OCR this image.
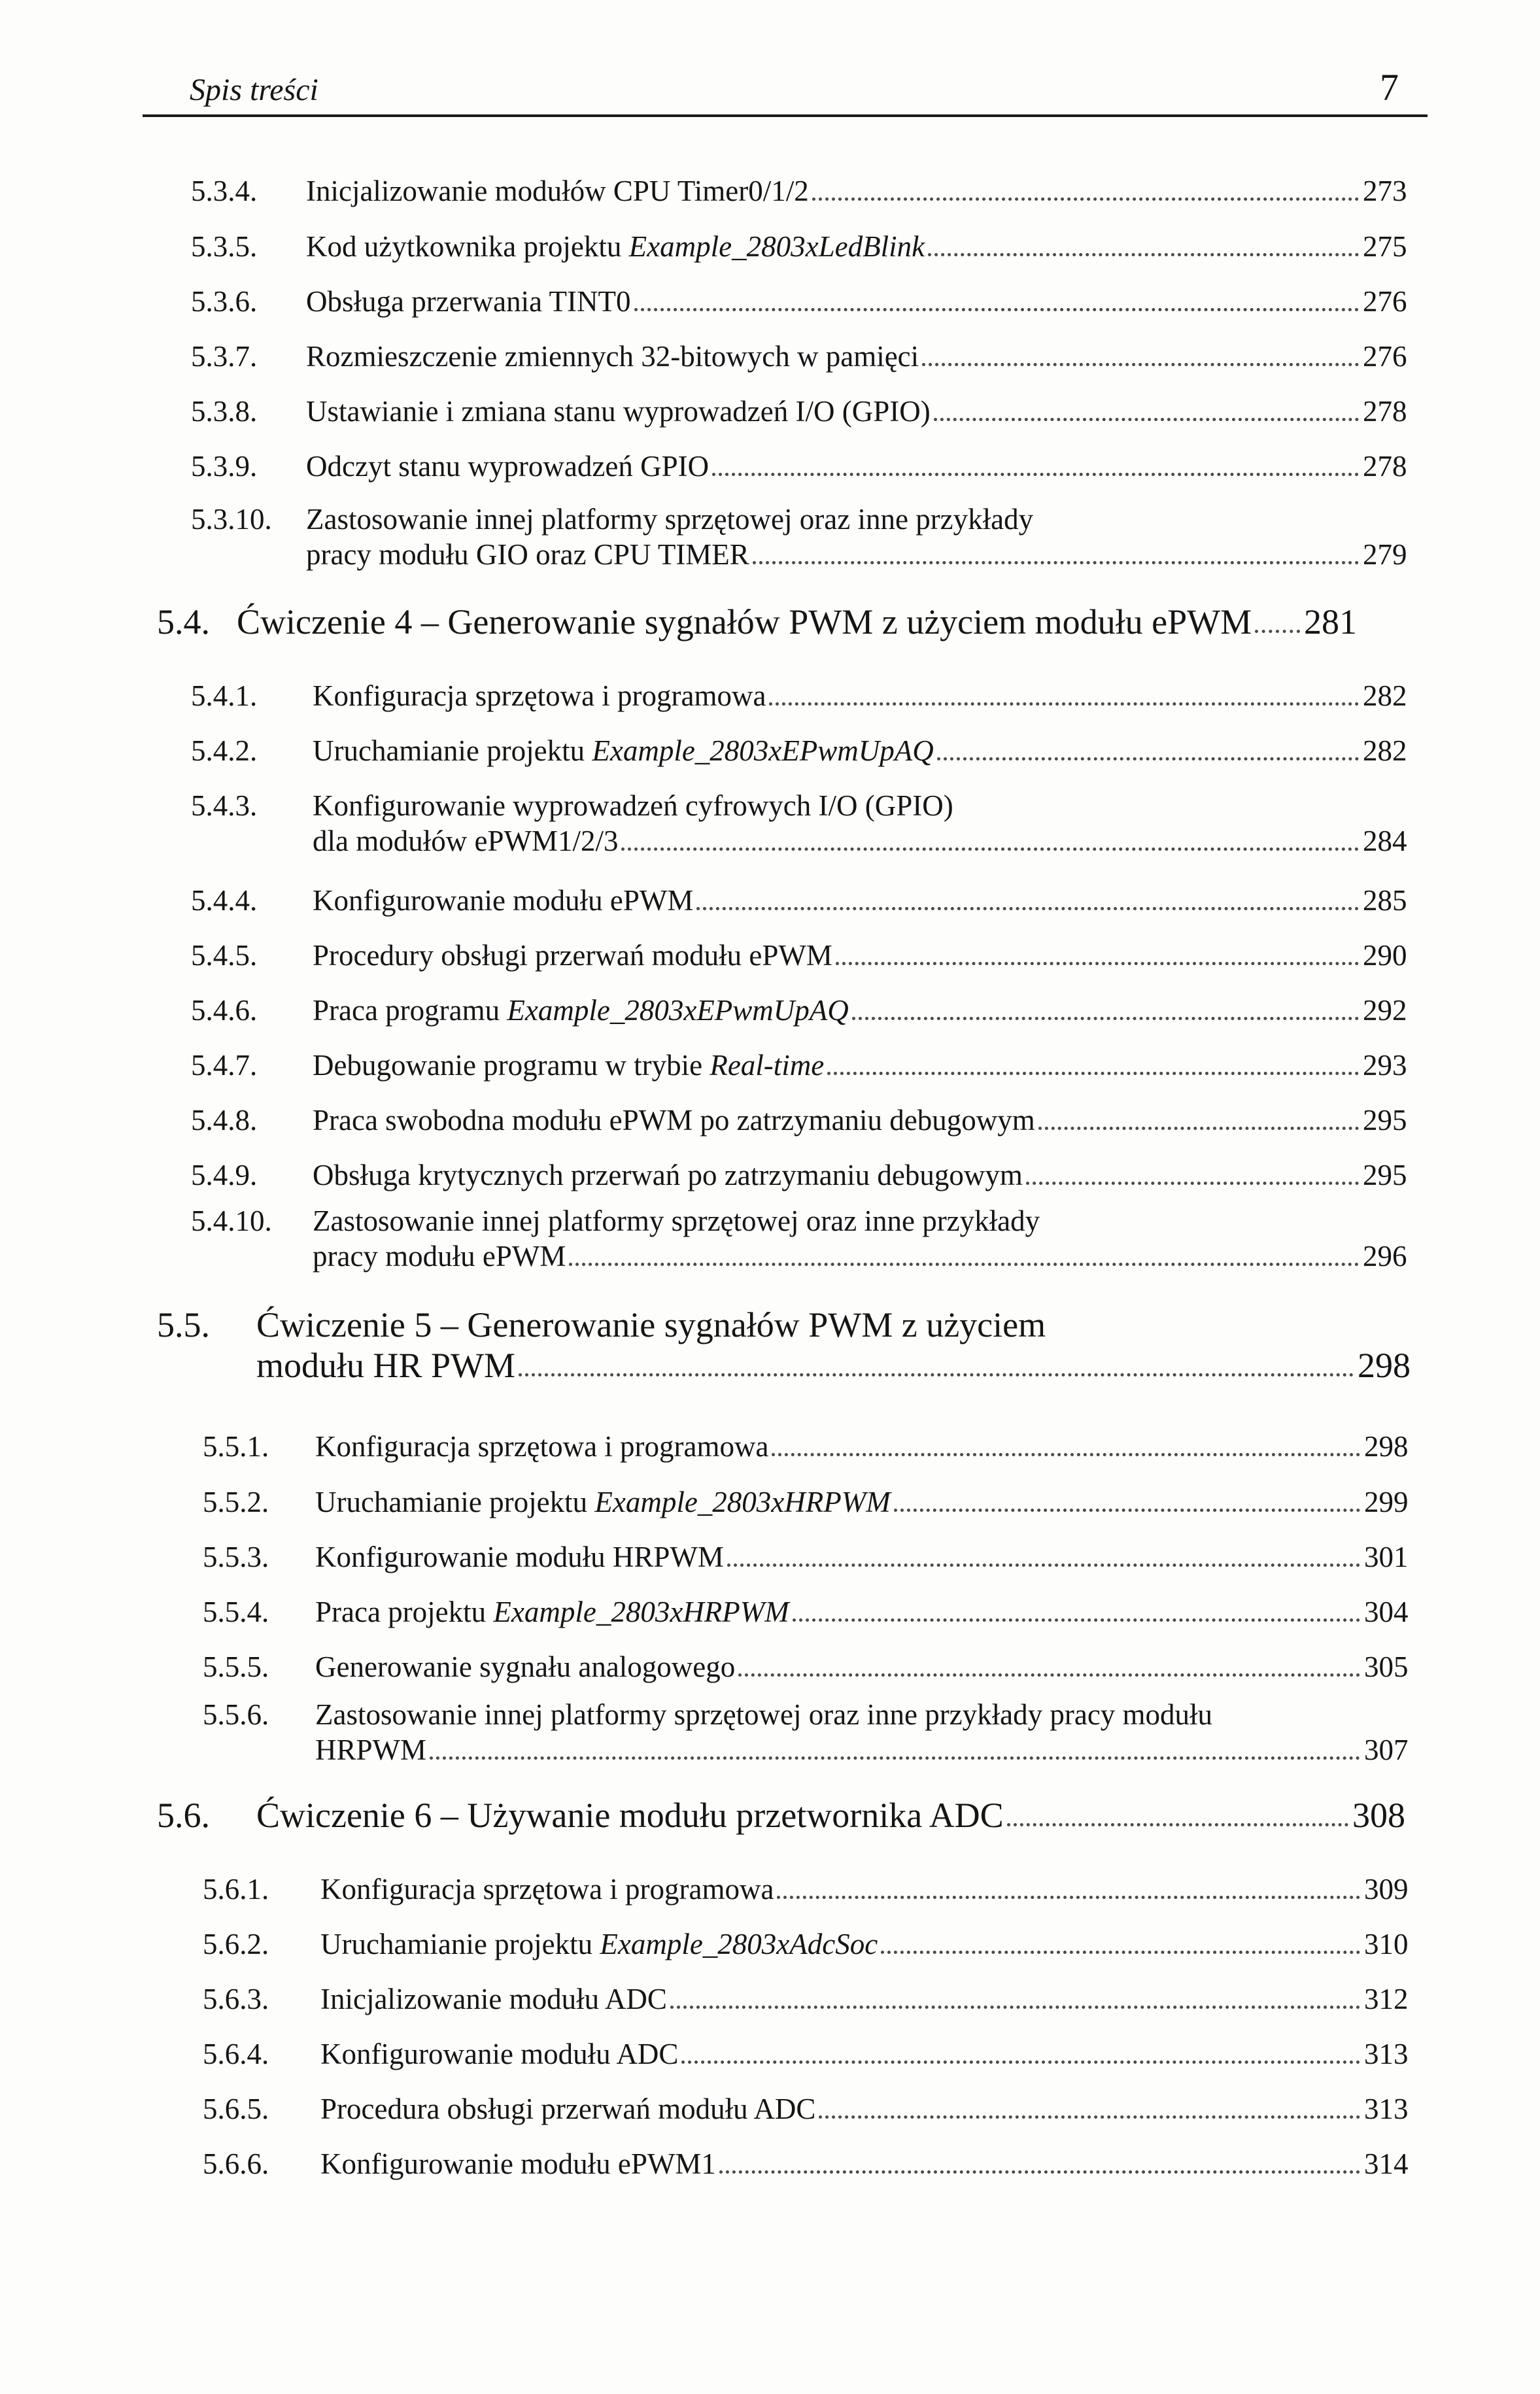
Spis treści	7
5.3.4.	Inicjalizowanie modułów CPU Timer0/1/2	273
5.3.5.	Kod użytkownika projektu Example_2803xLedBlink	275
5.3.6.	Obsługa przerwania TINT0	276
5.3.7.	Rozmieszczenie zmiennych 32-bitowych w pamięci	276
5.3.8.	Ustawianie i zmiana stanu wyprowadzeń I/O (GPIO)	278
5.3.9.	Odczyt stanu wyprowadzeń GPIO	278
5.3.10.	Zastosowanie innej platformy sprzętowej oraz inne przykłady
pracy modułu GIO oraz CPU TIMER	279
5.4. Ćwiczenie 4 – Generowanie sygnałów PWM z użyciem modułu ePWM 281
5.4.1.	Konfiguracja sprzętowa i programowa	282
5.4.2.	Uruchamianie projektu Example_2803xEPwmUpAQ	282
5.4.3.	Konfigurowanie wyprowadzeń cyfrowych I/O (GPIO)
dla modułów ePWM1/2/3	284
5.4.4.	Konfigurowanie modułu ePWM	285
5.4.5.	Procedury obsługi przerwań modułu ePWM	290
5.4.6.	Praca programu Example_2803xEPwmUpAQ	292
5.4.7.	Debugowanie programu w trybie Real-time	293
5.4.8.	Praca swobodna modułu ePWM po zatrzymaniu debugowym	295
5.4.9.	Obsługa krytycznych przerwań po zatrzymaniu debugowym	295
5.4.10.	Zastosowanie innej platformy sprzętowej oraz inne przykłady
pracy modułu ePWM	296
5.5.	Ćwiczenie 5 – Generowanie sygnałów PWM z użyciem
modułu HR PWM	298
5.5.1.	Konfiguracja sprzętowa i programowa	298
5.5.2.	Uruchamianie projektu Example_2803xHRPWM	299
5.5.3.	Konfigurowanie modułu HRPWM	301
5.5.4.	Praca projektu Example_2803xHRPWM	304
5.5.5.	Generowanie sygnału analogowego	305
5.5.6.	Zastosowanie innej platformy sprzętowej oraz inne przykłady pracy modułu
HRPWM	307
5.6.	Ćwiczenie 6 – Używanie modułu przetwornika ADC	308
5.6.1.	Konfiguracja sprzętowa i programowa	309
5.6.2.	Uruchamianie projektu Example_2803xAdcSoc	310
5.6.3.	Inicjalizowanie modułu ADC	312
5.6.4.	Konfigurowanie modułu ADC	313
5.6.5.	Procedura obsługi przerwań modułu ADC	313
5.6.6.	Konfigurowanie modułu ePWM1	314
